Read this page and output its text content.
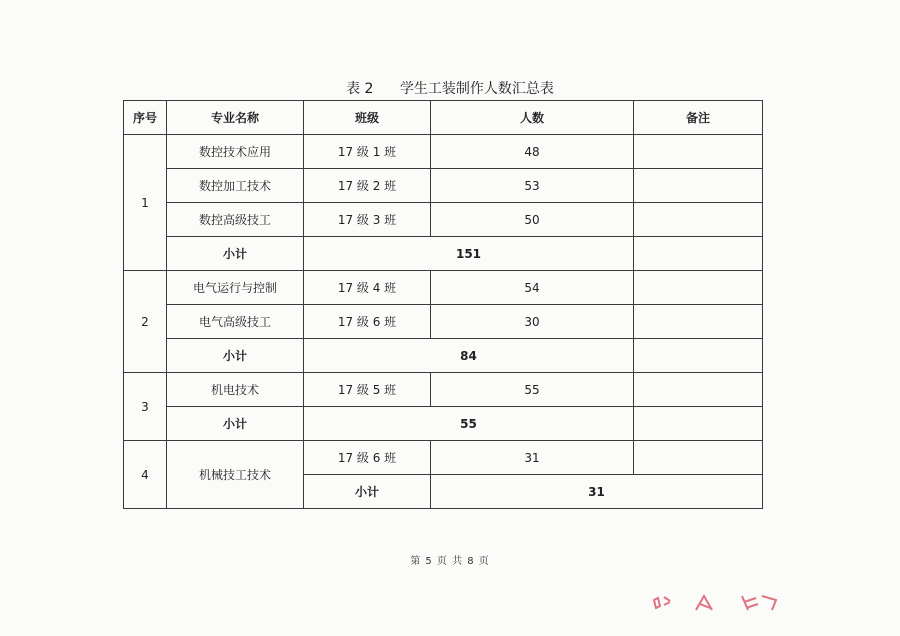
表 2 学生工装制作人数汇总表
序号	专业名称	班级	人数	备注
1	数控技术应用	17 级 1 班	48	
	数控加工技术	17 级 2 班	53	
	数控高级技工	17 级 3 班	50	
	小计	151		
2	电气运行与控制	17 级 4 班	54	
	电气高级技工	17 级 6 班	30	
	小计	84		
3	机电技术	17 级 5 班	55	
	小计	55		
4	机械技工技术	17 级 6 班	31	
		小计	31	
第 5 页 共 8 页
